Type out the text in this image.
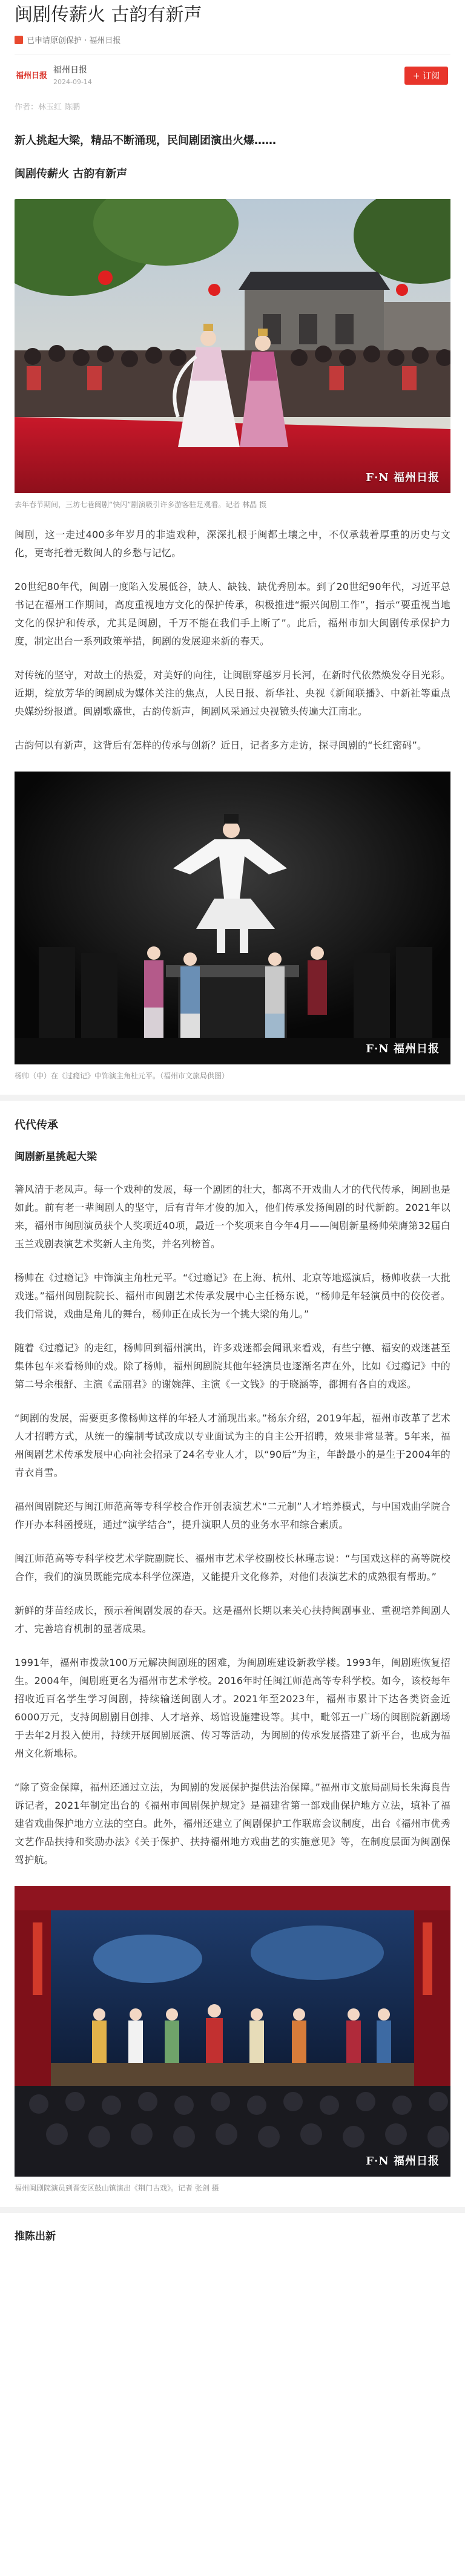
闽剧传薪火 古韵有新声
已申请原创保护 · 福州日报
福州日报
福州日报
2024-09-14
+ 订阅
作者：林玉红 陈鹏
新人挑起大梁，精品不断涌现，民间剧团演出火爆……
闽剧传薪火 古韵有新声
F·N 福州日报
去年春节期间，三坊七巷闽剧“快闪”剧演吸引许多游客驻足观看。记者 林晶 摄

闽剧，这一走过400多年岁月的非遗戏种，深深扎根于闽都土壤之中，不仅承载着厚重的历史与文化，更寄托着无数闽人的乡愁与记忆。

20世纪80年代，闽剧一度陷入发展低谷，缺人、缺钱、缺优秀剧本。到了20世纪90年代，习近平总书记在福州工作期间，高度重视地方文化的保护传承，积极推进“振兴闽剧工作”，指示“要重视当地文化的保护和传承，尤其是闽剧，千万不能在我们手上断了”。此后，福州市加大闽剧传承保护力度，制定出台一系列政策举措，闽剧的发展迎来新的春天。

对传统的坚守，对故土的热爱，对美好的向往，让闽剧穿越岁月长河，在新时代依然焕发夺目光彩。近期，绽放芳华的闽剧成为媒体关注的焦点，人民日报、新华社、央视《新闻联播》、中新社等重点央媒纷纷报道。闽剧歌盛世，古韵传新声，闽剧风采通过央视镜头传遍大江南北。

古韵何以有新声，这背后有怎样的传承与创新？近日，记者多方走访，探寻闽剧的“长红密码”。

F·N 福州日报
杨帅（中）在《过瘾记》中饰演主角杜元平。（福州市文旅局供图）
代代传承
闽剧新星挑起大梁

箸风清于老凤声。每一个戏种的发展，每一个剧团的壮大，都离不开戏曲人才的代代传承，闽剧也是如此。前有老一辈闽剧人的坚守，后有青年才俊的加入，他们传承发扬闽剧的时代新韵。2021年以来，福州市闽剧演员获个人奖项近40项，最近一个奖项来自今年4月——闽剧新星杨帅荣膺第32届白玉兰戏剧表演艺术奖新人主角奖，并名列榜首。

杨帅在《过瘾记》中饰演主角杜元平。“《过瘾记》在上海、杭州、北京等地巡演后，杨帅收获一大批戏迷。”福州闽剧院院长、福州市闽剧艺术传承发展中心主任杨东说，“杨帅是年轻演员中的佼佼者。我们常说，戏曲是角儿的舞台，杨帅正在成长为一个挑大梁的角儿。”

随着《过瘾记》的走红，杨帅回到福州演出，许多戏迷都会闻讯来看戏，有些宁德、福安的戏迷甚至集体包车来看杨帅的戏。除了杨帅，福州闽剧院其他年轻演员也逐渐名声在外，比如《过瘾记》中的第二号余根舒、主演《孟丽君》的谢婉萍、主演《一文钱》的于晓涵等，都拥有各自的戏迷。

“闽剧的发展，需要更多像杨帅这样的年轻人才涌现出来。”杨东介绍，2019年起，福州市改革了艺术人才招聘方式，从统一的编制考试改成以专业面试为主的自主公开招聘，效果非常显著。5年来，福州闽剧艺术传承发展中心向社会招录了24名专业人才，以“90后”为主，年龄最小的是生于2004年的青衣肖雪。

福州闽剧院还与闽江师范高等专科学校合作开创表演艺术“二元制”人才培养模式，与中国戏曲学院合作开办本科函授班，通过“演学结合”，提升演职人员的业务水平和综合素质。

闽江师范高等专科学校艺术学院副院长、福州市艺术学校副校长林瑾志说：“与国戏这样的高等院校合作，我们的演员既能完成本科学位深造，又能提升文化修养，对他们表演艺术的成熟很有帮助。”

新鲜的芽苗经成长，预示着闽剧发展的春天。这是福州长期以来关心扶持闽剧事业、重视培养闽剧人才、完善培育机制的显著成果。

1991年，福州市拨款100万元解决闽剧班的困难，为闽剧班建设新教学楼。1993年，闽剧班恢复招生。2004年，闽剧班更名为福州市艺术学校。2016年时任闽江师范高等专科学校。如今，该校每年招收近百名学生学习闽剧，持续输送闽剧人才。2021年至2023年，福州市累计下达各类资金近6000万元，支持闽剧剧目创排、人才培养、场馆设施建设等。其中，毗邻五一广场的闽剧院新剧场于去年2月投入使用，持续开展闽剧展演、传习等活动，为闽剧的传承发展搭建了新平台，也成为福州文化新地标。

“除了资金保障，福州还通过立法，为闽剧的发展保护提供法治保障。”福州市文旅局副局长朱海良告诉记者，2021年制定出台的《福州市闽剧保护规定》是福建省第一部戏曲保护地方立法，填补了福建省戏曲保护地方立法的空白。此外，福州还建立了闽剧保护工作联席会议制度，出台《福州市优秀文艺作品扶持和奖励办法》《关于保护、扶持福州地方戏曲艺的实施意见》等，在制度层面为闽剧保驾护航。

F·N 福州日报
福州闽剧院演员到晋安区鼓山镇演出《荆门古戏》。记者 张剑 摄
推陈出新
